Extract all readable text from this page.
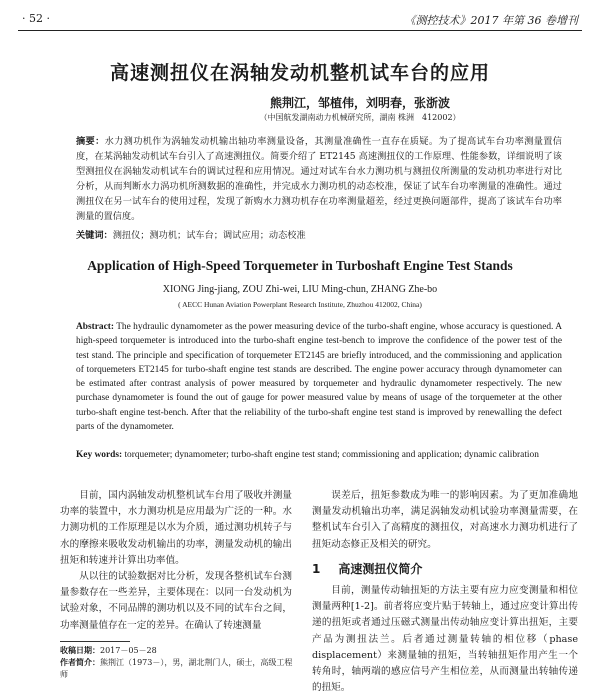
· 52 ·	《测控技术》2017 年第 36 卷增刊
高速测扭仪在涡轴发动机整机试车台的应用
熊荆江，邹植伟，刘明春，张浙波
（中国航发湖南动力机械研究所，湖南 株洲　412002）
摘要：水力测功机作为涡轴发动机输出轴功率测量设备，其测量准确性一直存在质疑。为了提高试车台功率测量置信度，在某涡轴发动机试车台引入了高速测扭仪。简要介绍了 ET2145 高速测扭仪的工作原理、性能参数，详细说明了该型测扭仪在涡轴发动机试车台的调试过程和应用情况。通过对试车台水力测功机与测扭仪所测量的发动机功率进行对比分析，从而判断水力涡功机所测数据的准确性，并完成水力测功机的动态校准，保证了试车台功率测量的准确性。通过测扭仪在另一试车台的使用过程，发现了新购水力测功机存在功率测量超差，经过更换问题部件，提高了该试车台功率测量的置信度。
关键词：测扭仪；测功机；试车台；调试应用；动态校准
Application of High-Speed Torquemeter in Turboshaft Engine Test Stands
XIONG Jing-jiang, ZOU Zhi-wei, LIU Ming-chun, ZHANG Zhe-bo
( AECC Hunan Aviation Powerplant Research Institute, Zhuzhou 412002, China)
Abstract: The hydraulic dynamometer as the power measuring device of the turbo-shaft engine, whose accuracy is questioned. A high-speed torquemeter is introduced into the turbo-shaft engine test-bench to improve the confidence of the power test of the test stand. The principle and specification of torquemeter ET2145 are briefly introduced, and the commissioning and application of torquemeters ET2145 for turbo-shaft engine test stands are described. The engine power accuracy through dynamometer can be estimated after contrast analysis of power measured by torquemeter and hydraulic dynamometer respectively. The new purchase dynamometer is found the out of gauge for power measured value by means of usage of the torquemeter at the other turbo-shaft engine test-bench. After that the reliability of the turbo-shaft engine test stand is improved by renewalling the defect parts of the dynamometer.
Key words: torquemeter; dynamometer; turbo-shaft engine test stand; commissioning and application; dynamic calibration

目前，国内涡轴发动机整机试车台用了吸收并测量功率的装置中，水力测功机是应用最为广泛的一种。水力测功机的工作原理是以水为介质，通过测功机转子与水的摩擦来吸收发动机输出的功率，测量发动机的输出扭矩和转速并计算出功率值。

从以往的试验数据对比分析，发现各整机试车台测量参数存在一些差异，主要体现在：以同一台发动机为试验对象，不同品牌的测功机以及不同的试车台之间，功率测量值存在一定的差异。在确认了转速测量

误差后，扭矩参数成为唯一的影响因素。为了更加准确地测量发动机输出功率，满足涡轴发动机试验功率测量需要，在整机试车台引入了高精度的测扭仪，对高速水力测功机进行了扭矩动态修正及相关的研究。

1 高速测扭仪简介

目前，测量传动轴扭矩的方法主要有应力应变测量和相位测量两种[1-2]。前者将应变片贴于转轴上，通过应变计算出传递的扭矩或者通过压磁式测量出传动轴应变计算出扭矩，主要产品为测扭法兰。后者通过测量转轴的相位移（phase displacement）来测量轴的扭矩，当转轴扭矩作用产生一个转角时，轴两端的感应信号产生相位差，从而测量出转轴传递的扭矩。

收稿日期：2017－05－28
作者简介：熊荆江（1973－），男，湖北荆门人，硕士，高级工程师
